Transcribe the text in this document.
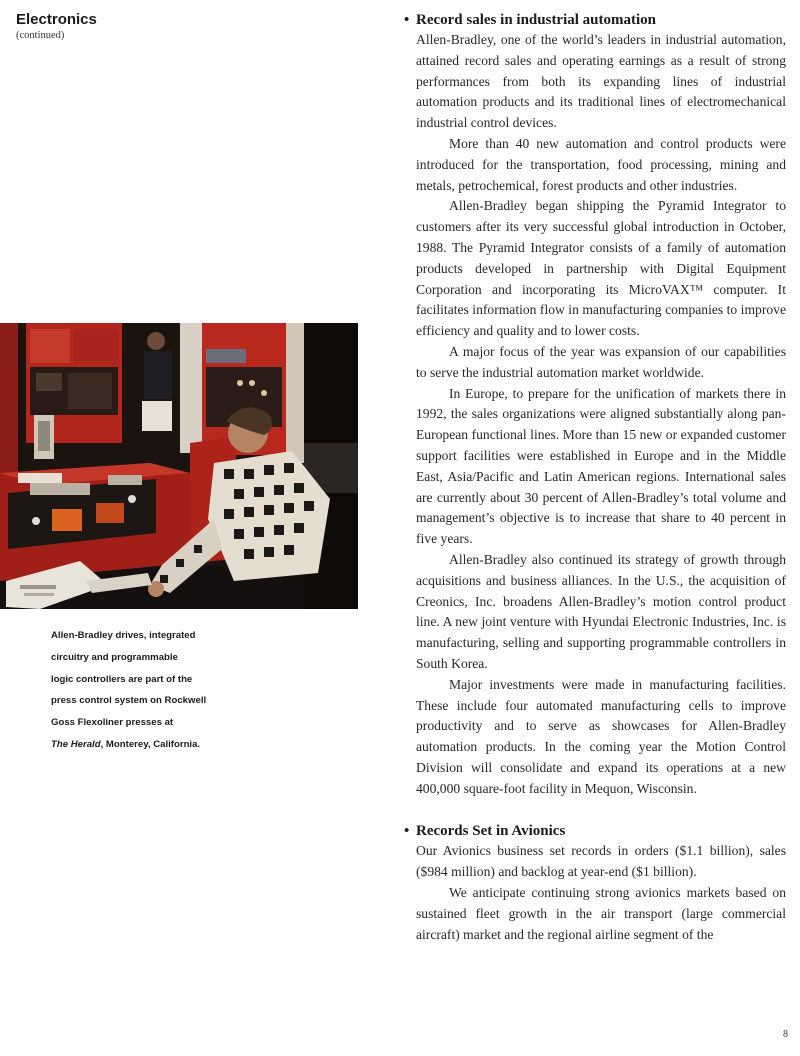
Electronics
(continued)
Allen-Bradley drives, integrated
circuitry and programmable
logic controllers are part of the
press control system on Rockwell
Goss Flexoliner presses at
The Herald, Monterey, California.
• Record sales in industrial automation

Allen-Bradley, one of the world’s leaders in industrial automation, attained record sales and operating earnings as a result of strong performances from both its expanding lines of industrial automation products and its traditional lines of electromechanical industrial control devices.

More than 40 new automation and control products were introduced for the transportation, food processing, mining and metals, petrochemical, forest products and other industries.

Allen-Bradley began shipping the Pyramid Integrator to customers after its very successful global introduction in October, 1988. The Pyramid Integrator consists of a family of automation products developed in partnership with Digital Equipment Corporation and incorporating its MicroVAX™ computer. It facilitates information flow in manufacturing companies to improve efficiency and quality and to lower costs.

A major focus of the year was expansion of our capabilities to serve the industrial automation market worldwide.

In Europe, to prepare for the unification of markets there in 1992, the sales organizations were aligned substantially along pan-European functional lines. More than 15 new or expanded customer support facilities were established in Europe and in the Middle East, Asia/Pacific and Latin American regions. International sales are currently about 30 percent of Allen-Bradley’s total volume and management’s objective is to increase that share to 40 percent in five years.

Allen-Bradley also continued its strategy of growth through acquisitions and business alliances. In the U.S., the acquisition of Creonics, Inc. broadens Allen-Bradley’s motion control product line. A new joint venture with Hyundai Electronic Industries, Inc. is manufacturing, selling and supporting programmable controllers in South Korea.

Major investments were made in manufacturing facilities. These include four automated manufacturing cells to improve productivity and to serve as showcases for Allen-Bradley automation products. In the coming year the Motion Control Division will consolidate and expand its operations at a new 400,000 square-foot facility in Mequon, Wisconsin.

• Records Set in Avionics

Our Avionics business set records in orders ($1.1 billion), sales ($984 million) and backlog at year-end ($1 billion).

We anticipate continuing strong avionics markets based on sustained fleet growth in the air transport (large commercial aircraft) market and the regional airline segment of the

8
